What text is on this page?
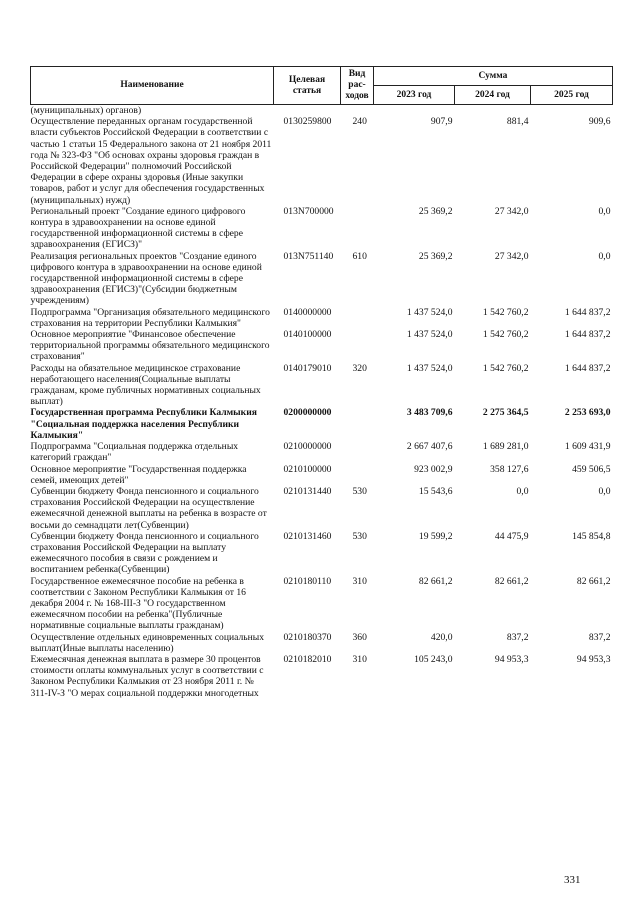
Наименование	Целевая статья	Вид рас-ходов	Сумма		
			2023 год	2024 год	2025 год
(муниципальных) органов)					
Осуществление переданных органам государственной власти субъектов Российской Федерации в соответствии с частью 1 статьи 15 Федерального закона от 21 ноября 2011 года № 323-ФЗ "Об основах охраны здоровья граждан в Российской Федерации" полномочий Российской Федерации в сфере охраны здоровья (Иные закупки товаров, работ и услуг для обеспечения государственных (муниципальных) нужд)	0130259800	240	907,9	881,4	909,6
Региональный проект "Создание единого цифрового контура в здравоохранении на основе единой государственной информационной системы в сфере здравоохранения (ЕГИСЗ)"	013N700000		25 369,2	27 342,0	0,0
Реализация региональных проектов "Создание единого цифрового контура в здравоохранении на основе единой государственной информационной системы в сфере здравоохранения (ЕГИСЗ)"(Субсидии бюджетным учреждениям)	013N751140	610	25 369,2	27 342,0	0,0
Подпрограмма "Организация обязательного медицинского страхования на территории Республики Калмыкия"	0140000000		1 437 524,0	1 542 760,2	1 644 837,2
Основное мероприятие "Финансовое обеспечение территориальной программы обязательного медицинского страхования"	0140100000		1 437 524,0	1 542 760,2	1 644 837,2
Расходы на обязательное медицинское страхование неработающего населения(Социальные выплаты гражданам, кроме публичных нормативных социальных выплат)	0140179010	320	1 437 524,0	1 542 760,2	1 644 837,2
Государственная программа Республики Калмыкия "Социальная поддержка населения Республики Калмыкия"	0200000000		3 483 709,6	2 275 364,5	2 253 693,0
Подпрограмма "Социальная поддержка отдельных категорий граждан"	0210000000		2 667 407,6	1 689 281,0	1 609 431,9
Основное мероприятие "Государственная поддержка семей, имеющих детей"	0210100000		923 002,9	358 127,6	459 506,5
Субвенции бюджету Фонда пенсионного и социального страхования Российской Федерации на осуществление ежемесячной денежной выплаты на ребенка в возрасте от восьми до семнадцати лет(Субвенции)	0210131440	530	15 543,6	0,0	0,0
Субвенции бюджету Фонда пенсионного и социального страхования Российской Федерации на выплату ежемесячного пособия в связи с рождением и воспитанием ребенка(Субвенции)	0210131460	530	19 599,2	44 475,9	145 854,8
Государственное ежемесячное пособие на ребенка в соответствии с Законом Республики Калмыкия от 16 декабря 2004 г. № 168-III-З "О государственном ежемесячном пособии на ребенка"(Публичные нормативные социальные выплаты гражданам)	0210180110	310	82 661,2	82 661,2	82 661,2
Осуществление отдельных единовременных социальных выплат(Иные выплаты населению)	0210180370	360	420,0	837,2	837,2
Ежемесячная денежная выплата в размере 30 процентов стоимости оплаты коммунальных услуг в соответствии с Законом Республики Калмыкия от 23 ноября 2011 г. № 311-IV-З "О мерах социальной поддержки многодетных	0210182010	310	105 243,0	94 953,3	94 953,3
331
